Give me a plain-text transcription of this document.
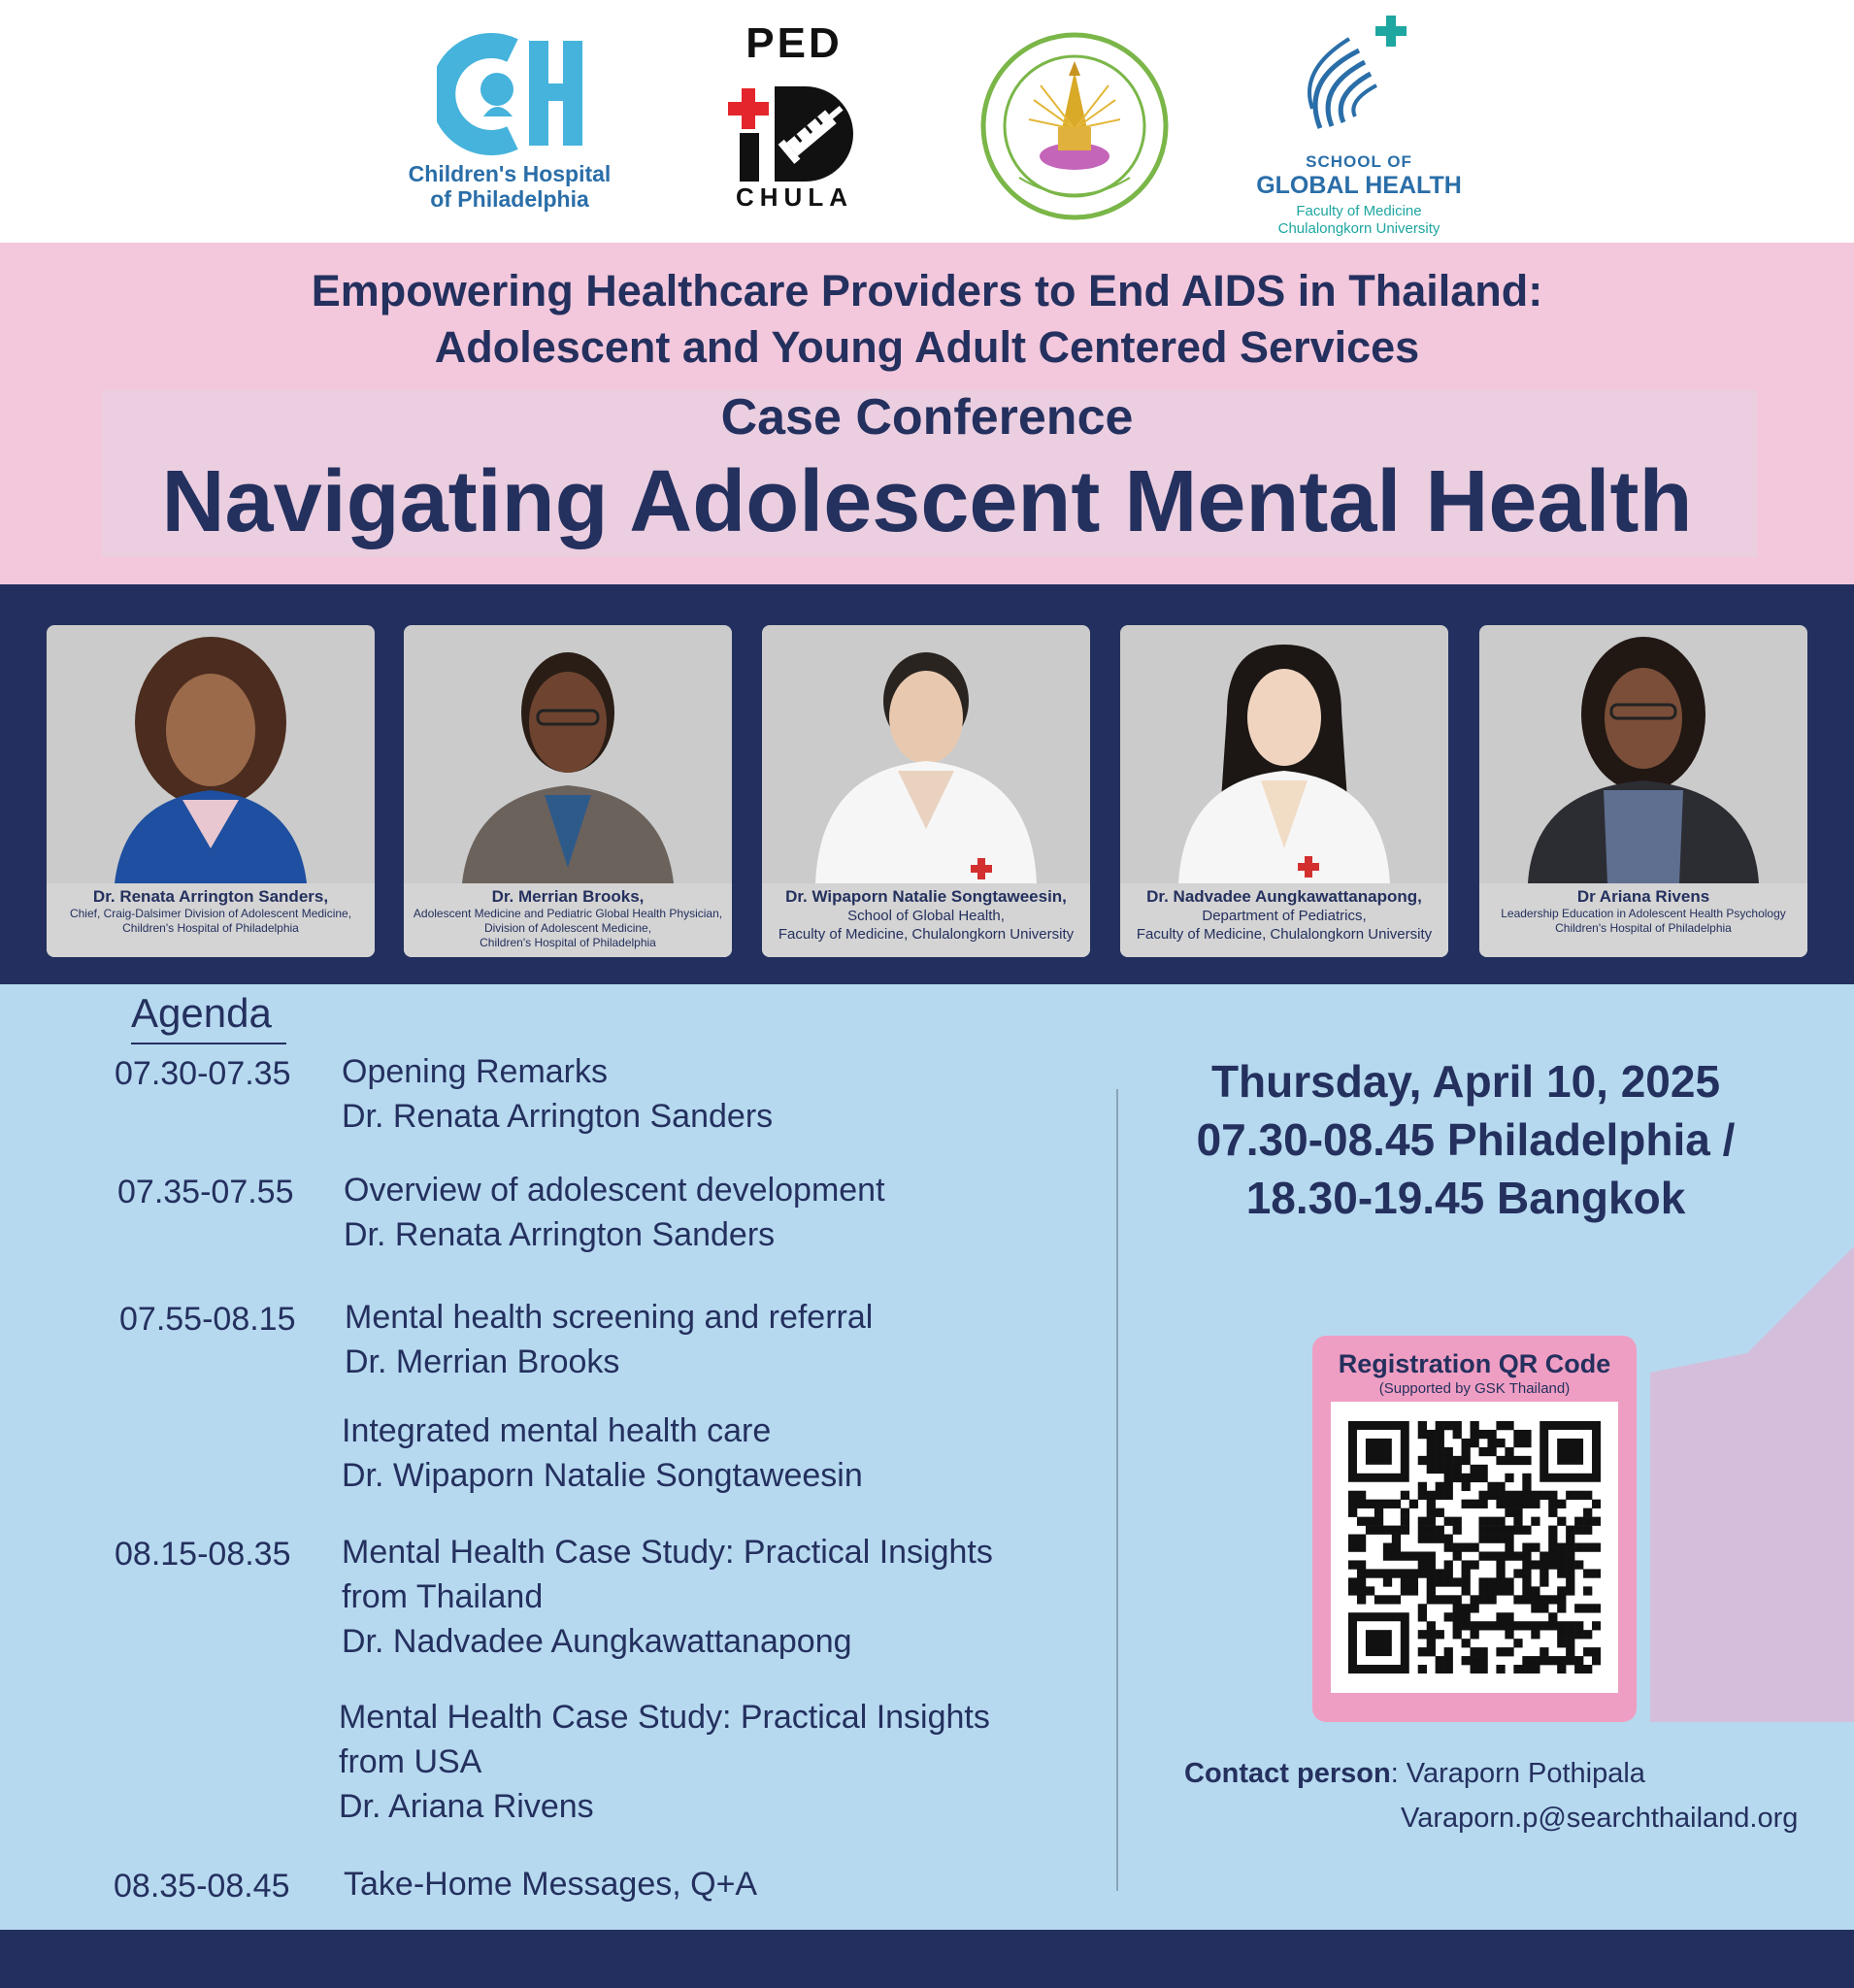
Children's Hospital
of Philadelphia
PED
CHULA
SCHOOL OF
GLOBAL HEALTH
Faculty of Medicine
Chulalongkorn University
Empowering Healthcare Providers to End AIDS in Thailand:
Adolescent and Young Adult Centered Services
Case Conference
Navigating Adolescent Mental Health
Dr. Renata Arrington Sanders,
Chief, Craig-Dalsimer Division of Adolescent Medicine,
Children's Hospital of Philadelphia
Dr. Merrian Brooks,
Adolescent Medicine and Pediatric Global Health Physician,
Division of Adolescent Medicine,
Children's Hospital of Philadelphia
Dr. Wipaporn Natalie Songtaweesin,
School of Global Health,
Faculty of Medicine, Chulalongkorn University
Dr. Nadvadee Aungkawattanapong,
Department of Pediatrics,
Faculty of Medicine, Chulalongkorn University
Dr Ariana Rivens
Leadership Education in Adolescent Health Psychology
Children's Hospital of Philadelphia
Agenda
07.30-07.35 Opening Remarks
Dr. Renata Arrington Sanders
07.35-07.55 Overview of adolescent development
Dr. Renata Arrington Sanders
07.55-08.15 Mental health screening and referral
Dr. Merrian Brooks
Integrated mental health care
Dr. Wipaporn Natalie Songtaweesin
08.15-08.35 Mental Health Case Study: Practical Insights
from Thailand
Dr. Nadvadee Aungkawattanapong
Mental Health Case Study: Practical Insights
from USA
Dr. Ariana Rivens
08.35-08.45 Take-Home Messages, Q+A
Thursday, April 10, 2025
07.30-08.45 Philadelphia /
18.30-19.45 Bangkok
Registration QR Code
(Supported by GSK Thailand)
Contact person: Varaporn Pothipala
Varaporn.p@searchthailand.org
